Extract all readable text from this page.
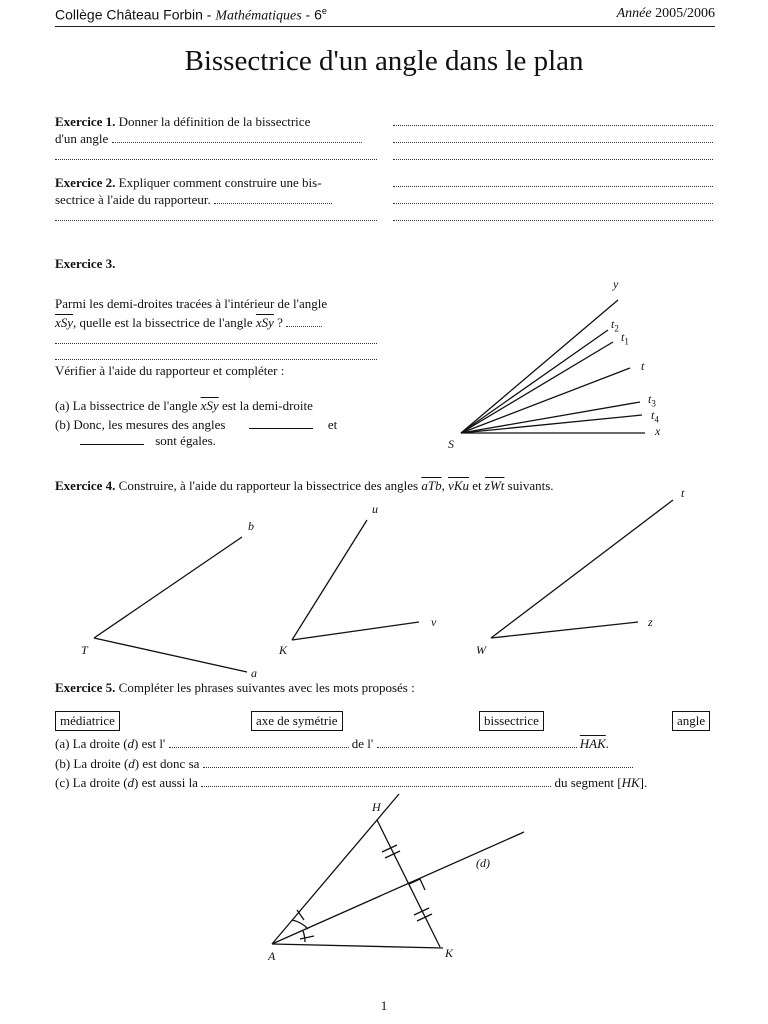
Collège Château Forbin - Mathématiques - 6e	Année 2005/2006
Bissectrice d'un angle dans le plan
Exercice 1. Donner la définition de la bissectrice
d'un angle
Exercice 2. Expliquer comment construire une bis-
sectrice à l'aide du rapporteur.
Exercice 3.
Parmi les demi-droites tracées à l'intérieur de l'angle
$\overline{xSy}$, quelle est la bissectrice de l'angle $\overline{xSy}$ ?
Vérifier à l'aide du rapporteur et compléter :
(a) La bissectrice de l'angle $\overline{xSy}$ est la demi-droite
(b) Donc, les mesures des angles	et
sont égales.
Exercice 4. Construire, à l'aide du rapporteur la bissectrice des angles $\overline{aTb}$, $\overline{vKu}$ et $\overline{zWt}$ suivants.
Exercice 5. Compléter les phrases suivantes avec les mots proposés :
médiatrice	axe de symétrie	bissectrice	angle
(a) La droite (d) est l'	de l'	$\overline{HAK}$.
(b) La droite (d) est donc sa
(c) La droite (d) est aussi la	du segment [HK].
y
$t_2$
$t_1$
t
$t_3$
$t_4$
x
S
b
T
a
u
K
v
t
W
z
H
A	K
(d)
1
